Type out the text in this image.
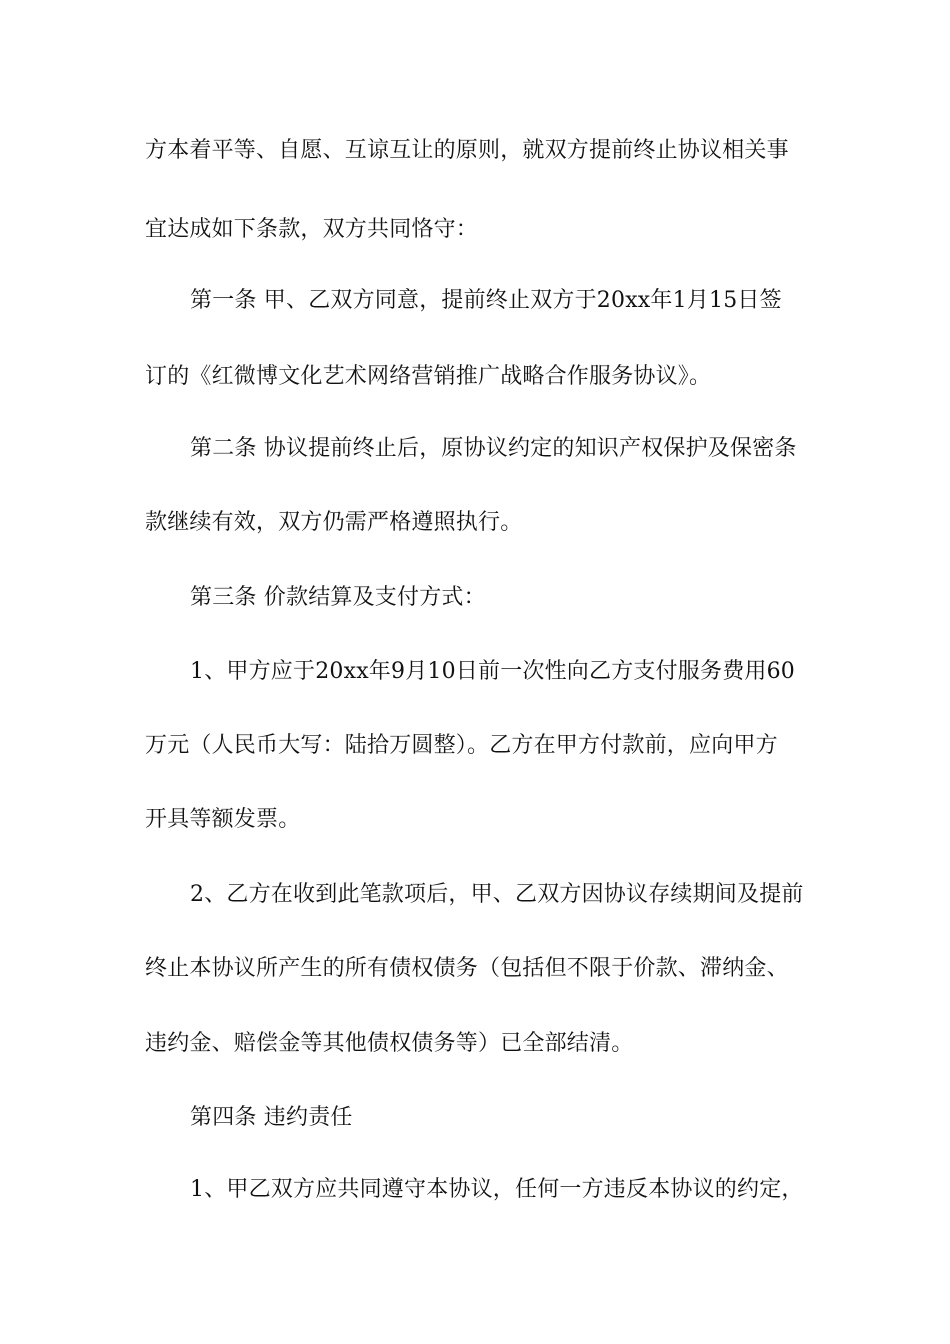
方本着平等、自愿、互谅互让的原则，就双方提前终止协议相关事
宜达成如下条款，双方共同恪守：
第一条 甲、乙双方同意，提前终止双方于20xx年1月15日签
订的《红微博文化艺术网络营销推广战略合作服务协议》。
第二条 协议提前终止后，原协议约定的知识产权保护及保密条
款继续有效，双方仍需严格遵照执行。
第三条 价款结算及支付方式：
1、甲方应于20xx年9月10日前一次性向乙方支付服务费用60
万元（人民币大写：陆拾万圆整）。乙方在甲方付款前，应向甲方
开具等额发票。
2、乙方在收到此笔款项后，甲、乙双方因协议存续期间及提前
终止本协议所产生的所有债权债务（包括但不限于价款、滞纳金、
违约金、赔偿金等其他债权债务等）已全部结清。
第四条 违约责任
1、甲乙双方应共同遵守本协议，任何一方违反本协议的约定，
